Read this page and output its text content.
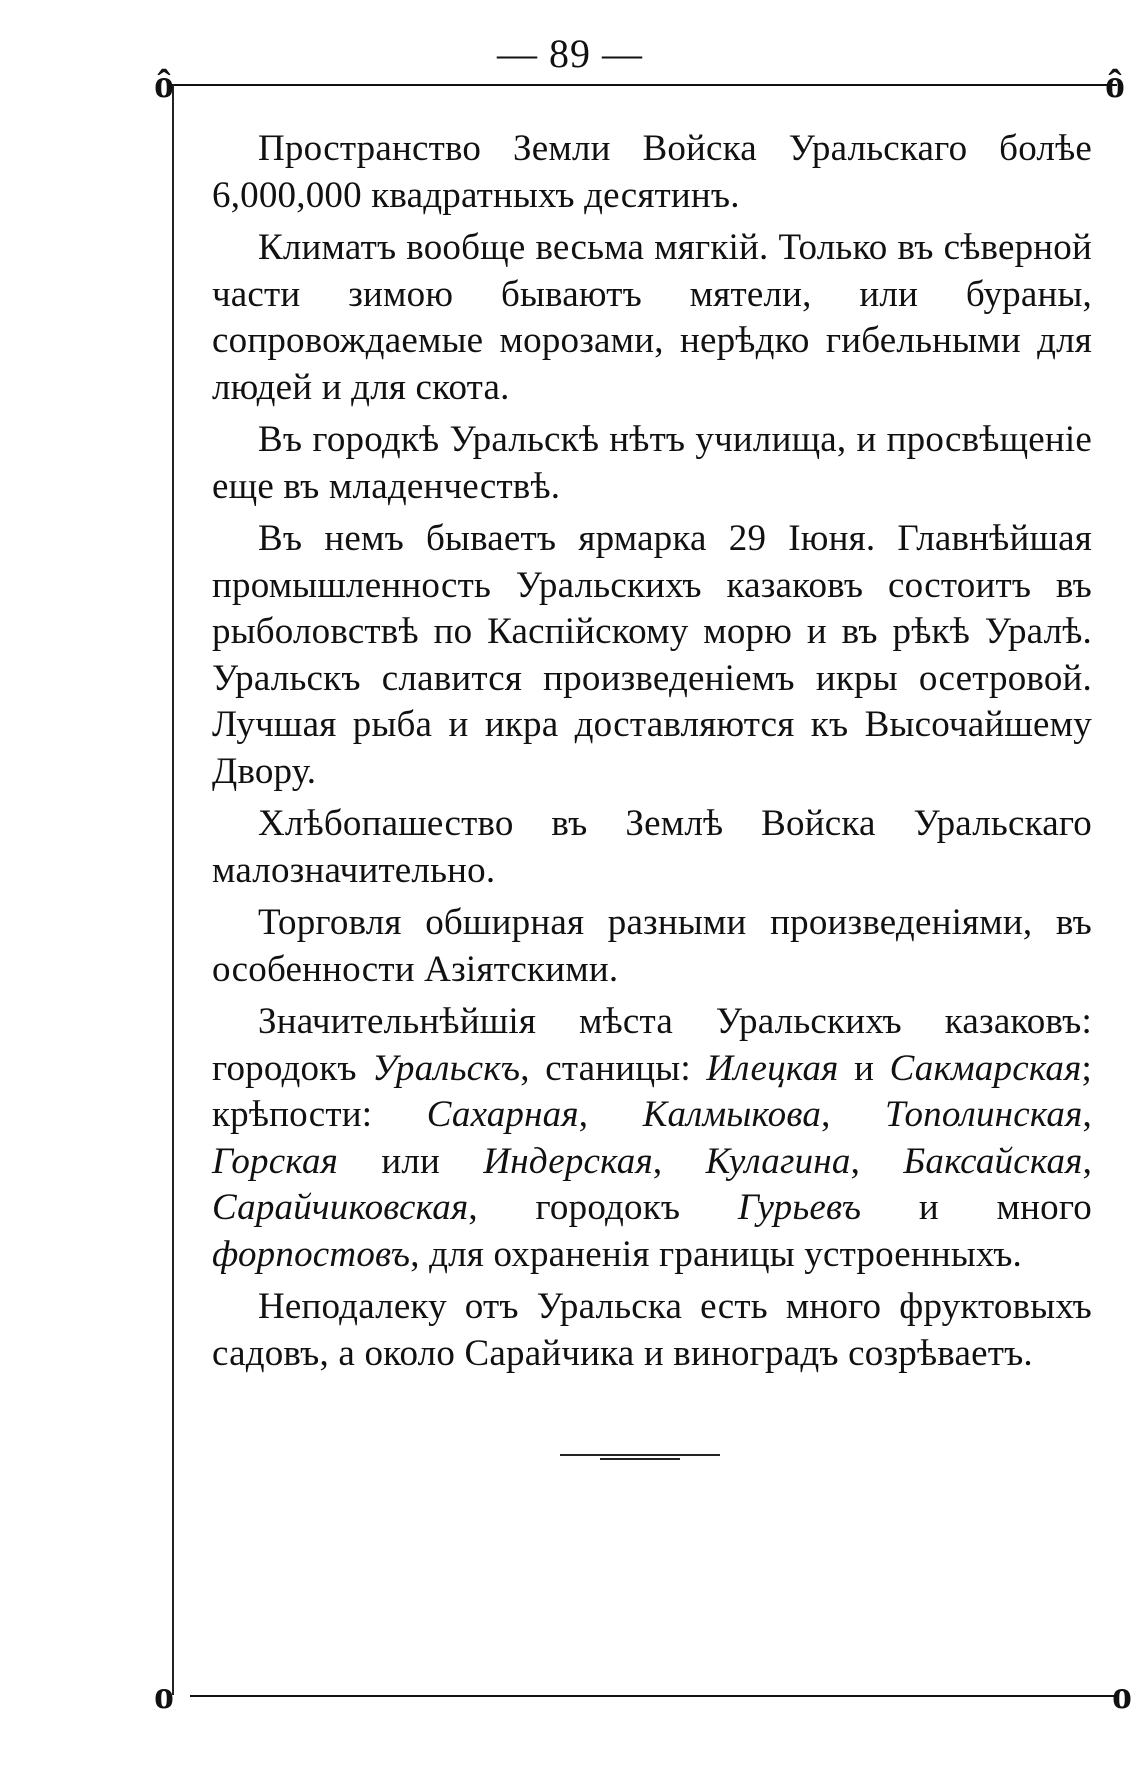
— 89 —
ô	ô
o	o

Пространство Земли Войска Уральскаго болѣе 6,000,000 квадратныхъ десятинъ.

Климатъ вообще весьма мягкій. Только въ сѣверной части зимою бываютъ мятели, или бураны, сопровождаемые морозами, нерѣдко гибельными для людей и для скота.

Въ городкѣ Уральскѣ нѣтъ училища, и просвѣщеніе еще въ младенчествѣ.

Въ немъ бываетъ ярмарка 29 Іюня. Главнѣйшая промышленность Уральскихъ казаковъ состоитъ въ рыболовствѣ по Каспійскому морю и въ рѣкѣ Уралѣ. Уральскъ славится произведеніемъ икры осетровой. Лучшая рыба и икра доставляются къ Высочайшему Двору.

Хлѣбопашество въ Землѣ Войска Уральскаго малозначительно.

Торговля обширная разными произведеніями, въ особенности Азіятскими.

Значительнѣйшія мѣста Уральскихъ казаковъ: городокъ Уральскъ, станицы: Илецкая и Сакмарская; крѣпости: Сахарная, Калмыкова, Тополинская, Горская или Индерская, Кулагина, Баксайская, Сарайчиковская, городокъ Гурьевъ и много форпостовъ, для охраненія границы устроенныхъ.

Неподалеку отъ Уральска есть много фруктовыхъ садовъ, а около Сарайчика и виноградъ созрѣваетъ.
